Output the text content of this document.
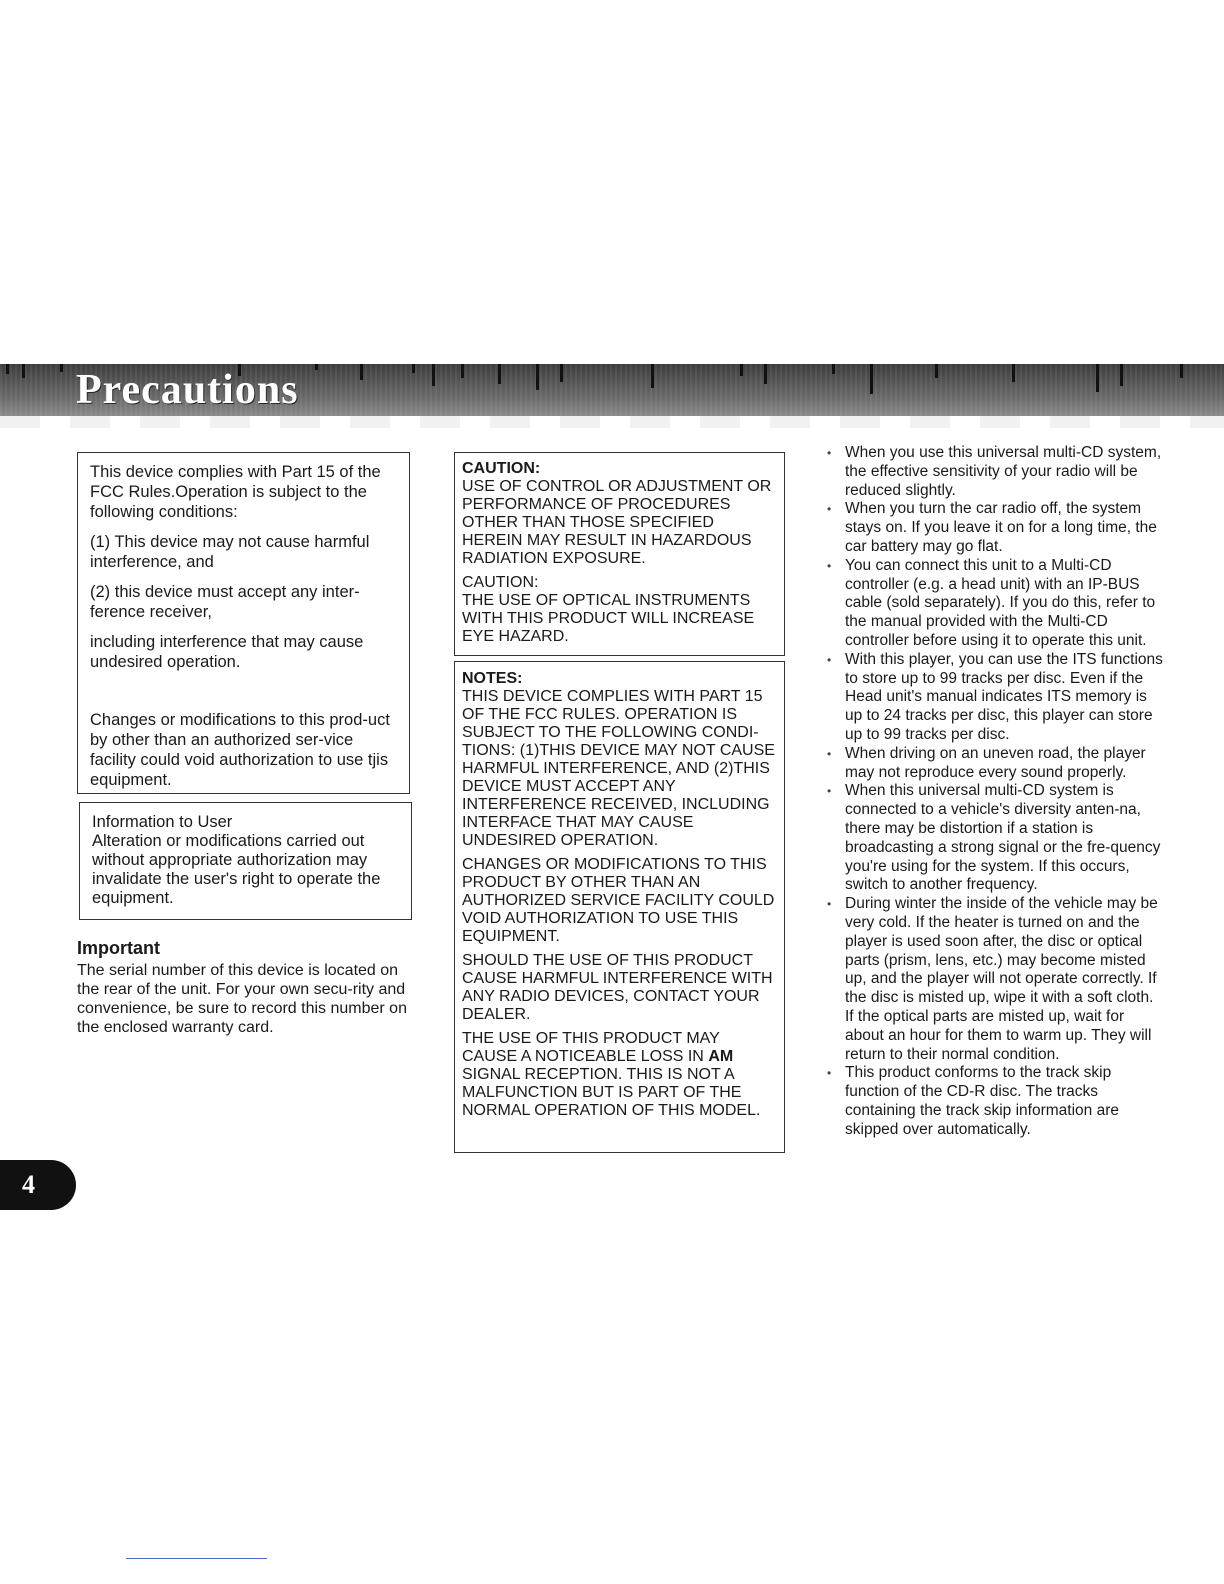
Precautions

This device complies with Part 15 of the FCC Rules.Operation is subject to the following conditions:

(1) This device may not cause harmful interference, and

(2) this device must accept any inter-ference receiver,

including interference that may cause undesired operation.

Changes or modifications to this prod-uct by other than an authorized ser-vice facility could void authorization to use tjis equipment.

Information to User

Alteration or modifications carried out without appropriate authorization may invalidate the user's right to operate the equipment.

Important

The serial number of this device is located on the rear of the unit. For your own secu-rity and convenience, be sure to record this number on the enclosed warranty card.

CAUTION:

USE OF CONTROL OR ADJUSTMENT OR PERFORMANCE OF PROCEDURES OTHER THAN THOSE SPECIFIED HEREIN MAY RESULT IN HAZARDOUS RADIATION EXPOSURE.

CAUTION:

THE USE OF OPTICAL INSTRUMENTS WITH THIS PRODUCT WILL INCREASE EYE HAZARD.

NOTES:

THIS DEVICE COMPLIES WITH PART 15 OF THE FCC RULES. OPERATION IS SUBJECT TO THE FOLLOWING CONDI-TIONS: (1)THIS DEVICE MAY NOT CAUSE HARMFUL INTERFERENCE, AND (2)THIS DEVICE MUST ACCEPT ANY INTERFERENCE RECEIVED, INCLUDING INTERFACE THAT MAY CAUSE UNDESIRED OPERATION.

CHANGES OR MODIFICATIONS TO THIS PRODUCT BY OTHER THAN AN AUTHORIZED SERVICE FACILITY COULD VOID AUTHORIZATION TO USE THIS EQUIPMENT.

SHOULD THE USE OF THIS PRODUCT CAUSE HARMFUL INTERFERENCE WITH ANY RADIO DEVICES, CONTACT YOUR DEALER.

THE USE OF THIS PRODUCT MAY CAUSE A NOTICEABLE LOSS IN AM SIGNAL RECEPTION. THIS IS NOT A MALFUNCTION BUT IS PART OF THE NORMAL OPERATION OF THIS MODEL.

• When you use this universal multi-CD system, the effective sensitivity of your radio will be reduced slightly.
• When you turn the car radio off, the system stays on. If you leave it on for a long time, the car battery may go flat.
• You can connect this unit to a Multi-CD controller (e.g. a head unit) with an IP-BUS cable (sold separately). If you do this, refer to the manual provided with the Multi-CD controller before using it to operate this unit.
• With this player, you can use the ITS functions to store up to 99 tracks per disc. Even if the Head unit's manual indicates ITS memory is up to 24 tracks per disc, this player can store up to 99 tracks per disc.
• When driving on an uneven road, the player may not reproduce every sound properly.
• When this universal multi-CD system is connected to a vehicle's diversity anten-na, there may be distortion if a station is broadcasting a strong signal or the fre-quency you're using for the system. If this occurs, switch to another frequency.
• During winter the inside of the vehicle may be very cold. If the heater is turned on and the player is used soon after, the disc or optical parts (prism, lens, etc.) may become misted up, and the player will not operate correctly. If the disc is misted up, wipe it with a soft cloth. If the optical parts are misted up, wait for about an hour for them to warm up. They will return to their normal condition.
• This product conforms to the track skip function of the CD-R disc. The tracks containing the track skip information are skipped over automatically.
4
